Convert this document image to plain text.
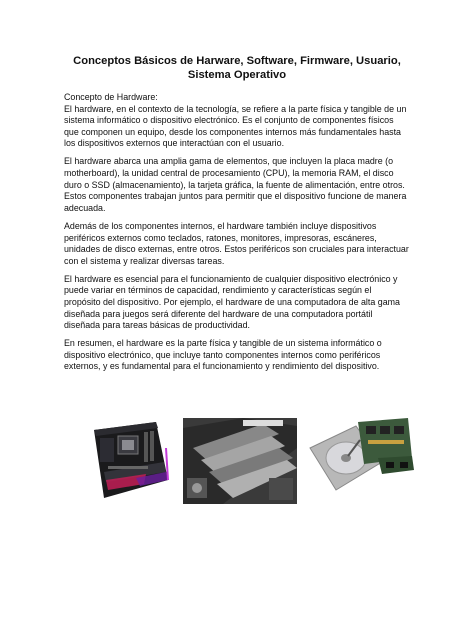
Conceptos Básicos de Harware, Software, Firmware, Usuario, Sistema Operativo

Concepto de Hardware:
El hardware, en el contexto de la tecnología, se refiere a la parte física y tangible de un sistema informático o dispositivo electrónico. Es el conjunto de componentes físicos que componen un equipo, desde los componentes internos más fundamentales hasta los dispositivos externos que interactúan con el usuario.

El hardware abarca una amplia gama de elementos, que incluyen la placa madre (o motherboard), la unidad central de procesamiento (CPU), la memoria RAM, el disco duro o SSD (almacenamiento), la tarjeta gráfica, la fuente de alimentación, entre otros. Estos componentes trabajan juntos para permitir que el dispositivo funcione de manera adecuada.

Además de los componentes internos, el hardware también incluye dispositivos periféricos externos como teclados, ratones, monitores, impresoras, escáneres, unidades de disco externas, entre otros. Estos periféricos son cruciales para interactuar con el sistema y realizar diversas tareas.

El hardware es esencial para el funcionamiento de cualquier dispositivo electrónico y puede variar en términos de capacidad, rendimiento y características según el propósito del dispositivo. Por ejemplo, el hardware de una computadora de alta gama diseñada para juegos será diferente del hardware de una computadora portátil diseñada para tareas básicas de productividad.

En resumen, el hardware es la parte física y tangible de un sistema informático o dispositivo electrónico, que incluye tanto componentes internos como periféricos externos, y es fundamental para el funcionamiento y rendimiento del dispositivo.
